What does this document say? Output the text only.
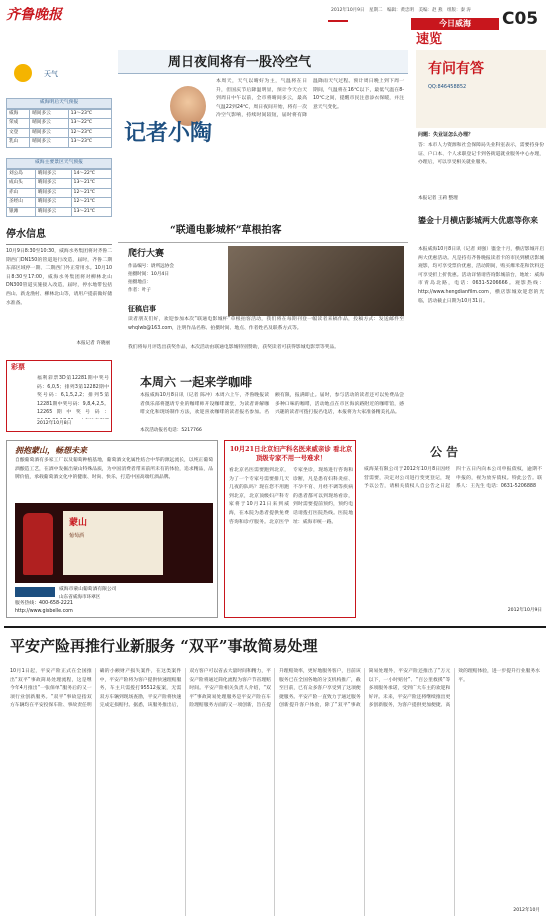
齐鲁晚报	2012年10月9日　星期二　编辑：黄忠明　美编：赵 燕　组版：秦 涛
今日威海
速览
C05
天气
威海明后天气预报
威海	晴间多云	13～23℃
荣成	晴间多云	13～22℃
文登	晴间多云	12～23℃
乳山	晴间多云	13～23℃
威海主要景区天气预报
刘公岛	晴间多云	14～22℃
成山头	晴间多云	13～21℃
赤山	晴间多云	12～21℃
圣经山	晴间多云	12～21℃
银滩	晴间多云	13～21℃
停水信息
10月9日8:30至10:30，威海水务集团将对齐鲁二期西门DN150的管道进行改造，届时，齐鲁二期东部区域停一期、二期西门外正常用水。10月10日8:30至17:00，威海水务集团将对柳林北山DN300管道实施接入改造，届时，停水地带包括西山、新龙渔村、柳林北山等，请用户提前做好储水准备。
本报记者 许晓丽
彩票
福利彩票3D第12281期中奖号码：6,0,5；排列3第12282期中奖号码：6,1,5,2,2；排列5第12281期中奖号码：9,8,4,2,5。12265期中奖号码：
2012年10月8日
拥抱蒙山，畅想未来
自酿葡萄酒有多家工厂以及葡萄种植基地，葡萄酒文化属性结合中华的源远流长，以纯正葡萄酒酿造工艺，在酒中发掘出蒙山特殊品质，为中国消费者带来前所未有的体验，追求精品，品牌价值，承载葡萄酒文化中的健康、时尚、快乐，打造中国高端红酒品牌。
蒙山
葡萄酒
威海市蒙山葡萄酒有限公司
山东省威海市环翠区
服务热线：400-658-2221
http://www.gisbelle.com
周日夜间将有一股冷空气
记者小陶
本周天，天气以晴好为主，气温将在日升，但国庆节后降温明显，预计今天白天到周日中午以前，全市将晴间多云，最高气温22到24℃，周日夜间开始，将有一次冷空气影响，持续时间较短，届时将有降温降雨天气过程。预计周日晚上到下周一期间，气温将在16℃以下，最低气温在8-10℃之间，提醒市民注意添衣保暖，并注意天气变化。
“联通电影城杯”草根拍客
爬行大赛
作品编号：尉所远协会
拍摄时间：10月4日
拍摄地点：
作者：叶子
征稿启事
读者朋友们好，欢迎参加本次“联通电影城杯”草根拍客活动，我们将在每期刊登一幅读者来稿作品，投稿方式：发送邮件至whqlwb@163.com，注明作品名称、拍摄时间、地点、作者姓名及联系方式等。
我们将每月评选出获奖作品，本次活动由联通电影城特别赞助，获奖读者可获得影城电影票等奖品。
本周六 一起来学咖啡
本报威海10月8日讯（记者 陈冲）本周六上午，齐鲁晚报读者俱乐部将邀请专业的咖啡师开设咖啡课堂，为读者讲解咖啡文化和现场制作方法，欢迎喜欢咖啡的读者报名参加。名额有限，报满即止。届时，参与活动的读者还可以免费品尝多种口味的咖啡，活动地点在市区海滨路附近的咖啡馆，感兴趣的读者可拨打报名电话，本报将为大家准备精美礼品。
本次活动报名电话：5217766
10月21日北京妇产科名医来威亲诊 看北京顶级专家不用一号难求！
看北京名医需要跑到北京，为了一个专家号需要排几天几夜的队吗？现在您不用跑到北京，北京顶级妇产科专家将于10月21日来到威海，在本院为患者提供免费咨询和诊疗服务。北京医学专家坐诊，现场进行咨询和诊断，凡是患有妇科炎症、不孕不育、月经不调等疾病的患者都可以到现场看诊，到时需要提前预约，预约电话请拨打医院热线。医院地址：威海市统一路。
公 告
威海某有限公司于2012年10月8日因经营需要，决定对公司进行变更登记，现予以公告，请相关债权人自公告之日起四十五日内向本公司申报债权，逾期不申报的，视为放弃债权。特此公告。联系人：王先生 电话：0631-5206888
2012年10月9日
有问有答
QQ:846458852
问题：失业证怎么办理？
答：本市人力资源和社会保障局失业科室表示，需要持身份证、户口本、个人求职登记卡到各街道就业服务中心办理，办理后，可以享受相关就业服务。
本报记者 王莉 整理
鎏金十月横店影城两大优惠等你来
本报威海10月8日讯（记者 刘强）鎏金十月，横店影城开启两大优惠活动。凡是持有齐鲁晚报读者卡的市民到横店影城观影，均可享受票价优惠，活动期间，购买爆米花和饮料还可享受折上折优惠。活动详情请咨询影城前台，地址：威海市青岛北路，电话：0631-5206666。观影热线：http://www.hengdianfilm.com，横店影城欢迎您的光临，活动截止日期为10月31日。
平安产险再推行业新服务 “双平”事故简易处理
10月1日起，平安产险正式在全国推出“双平”事故简易处理流程，这是继今年4月推出“一张保单”服务后的又一项行业创新服务。“双平”事故是指双方车辆均在平安投保车险、事故责任明确的小额财产损失案件，在这类案件中，平安产险将为客户提供快速理赔服务，车主只需拨打95512报案，无需双方车辆到现场查勘，平安产险将快速完成定损赔付。据悉，该服务推出后，双方客户可以省去大量时间和精力，平安产险将通过简化流程为客户节省理赔时间。平安产险相关负责人介绍，“双平”事故简易处理服务是平安产险在车险理赔服务方面的又一项创新，旨在提升理赔效率，更好地服务客户，目前该服务已在全国各地的分支机构推广，截至目前，已有众多客户享受到了这项便捷服务。平安产险一直致力于通过服务创新提升客户体验，除了“双平”事故简易处理外，平安产险还推出了“万元以下，一小时赔付”、“百公里救援”等多项服务承诺，受到广大车主的欢迎和好评。未来，平安产险还将继续推出更多创新服务，为客户提供更加便捷、高效的理赔体验，进一步提升行业服务水平。
2012年10月
